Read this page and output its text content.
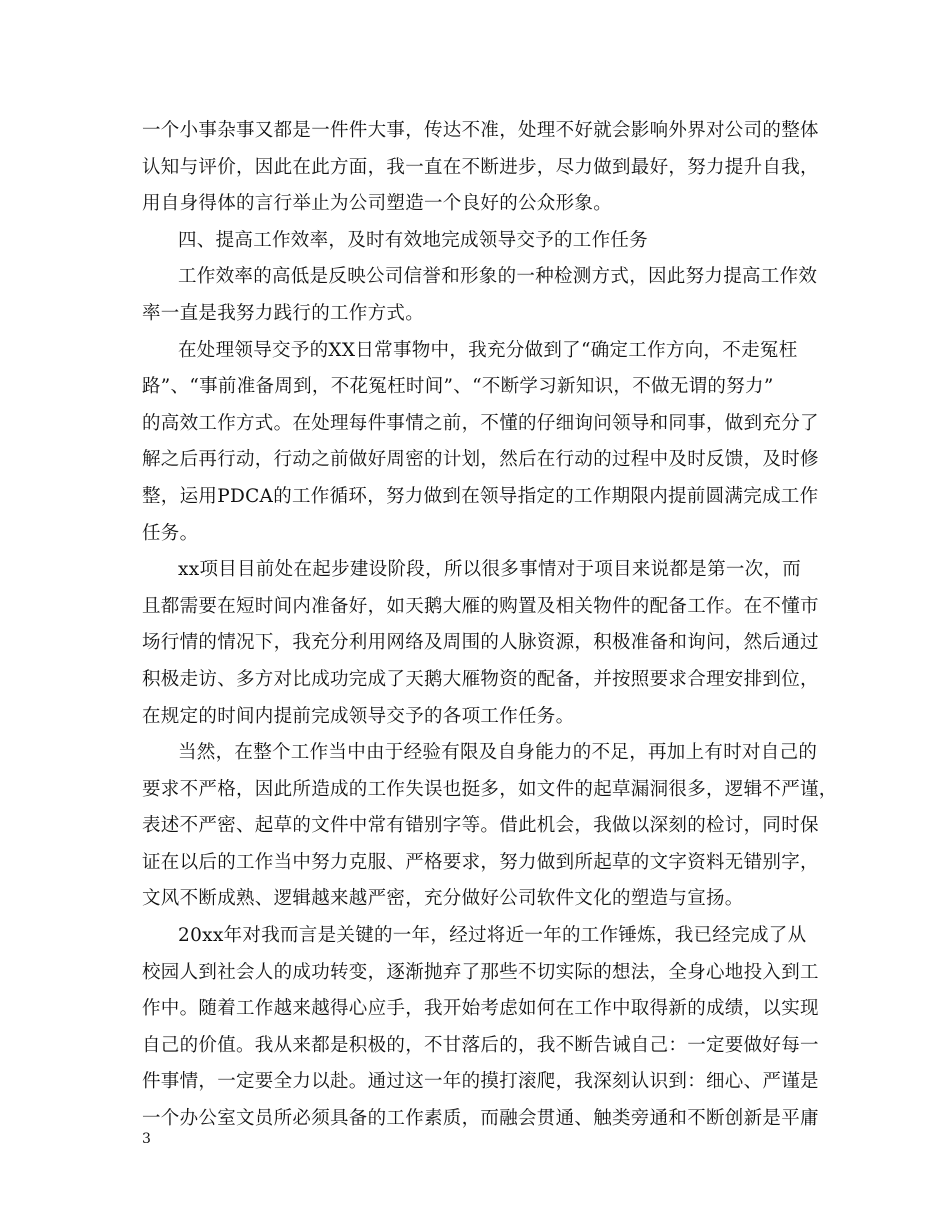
一个小事杂事又都是一件件大事，传达不准，处理不好就会影响外界对公司的整体
认知与评价，因此在此方面，我一直在不断进步，尽力做到最好，努力提升自我，
用自身得体的言行举止为公司塑造一个良好的公众形象。
四、提高工作效率，及时有效地完成领导交予的工作任务
工作效率的高低是反映公司信誉和形象的一种检测方式，因此努力提高工作效
率一直是我努力践行的工作方式。
在处理领导交予的XX日常事物中，我充分做到了“确定工作方向，不走冤枉
路”、“事前准备周到，不花冤枉时间”、“不断学习新知识，不做无谓的努力”
的高效工作方式。在处理每件事情之前，不懂的仔细询问领导和同事，做到充分了
解之后再行动，行动之前做好周密的计划，然后在行动的过程中及时反馈，及时修
整，运用PDCA的工作循环，努力做到在领导指定的工作期限内提前圆满完成工作
任务。
xx项目目前处在起步建设阶段，所以很多事情对于项目来说都是第一次，而
且都需要在短时间内准备好，如天鹅大雁的购置及相关物件的配备工作。在不懂市
场行情的情况下，我充分利用网络及周围的人脉资源，积极准备和询问，然后通过
积极走访、多方对比成功完成了天鹅大雁物资的配备，并按照要求合理安排到位，
在规定的时间内提前完成领导交予的各项工作任务。
当然，在整个工作当中由于经验有限及自身能力的不足，再加上有时对自己的
要求不严格，因此所造成的工作失误也挺多，如文件的起草漏洞很多，逻辑不严谨，
表述不严密、起草的文件中常有错别字等。借此机会，我做以深刻的检讨，同时保
证在以后的工作当中努力克服、严格要求，努力做到所起草的文字资料无错别字，
文风不断成熟、逻辑越来越严密，充分做好公司软件文化的塑造与宣扬。
20xx年对我而言是关键的一年，经过将近一年的工作锤炼，我已经完成了从
校园人到社会人的成功转变，逐渐抛弃了那些不切实际的想法，全身心地投入到工
作中。随着工作越来越得心应手，我开始考虑如何在工作中取得新的成绩，以实现
自己的价值。我从来都是积极的，不甘落后的，我不断告诫自己：一定要做好每一
件事情，一定要全力以赴。通过这一年的摸打滚爬，我深刻认识到：细心、严谨是
一个办公室文员所必须具备的工作素质，而融会贯通、触类旁通和不断创新是平庸
3
